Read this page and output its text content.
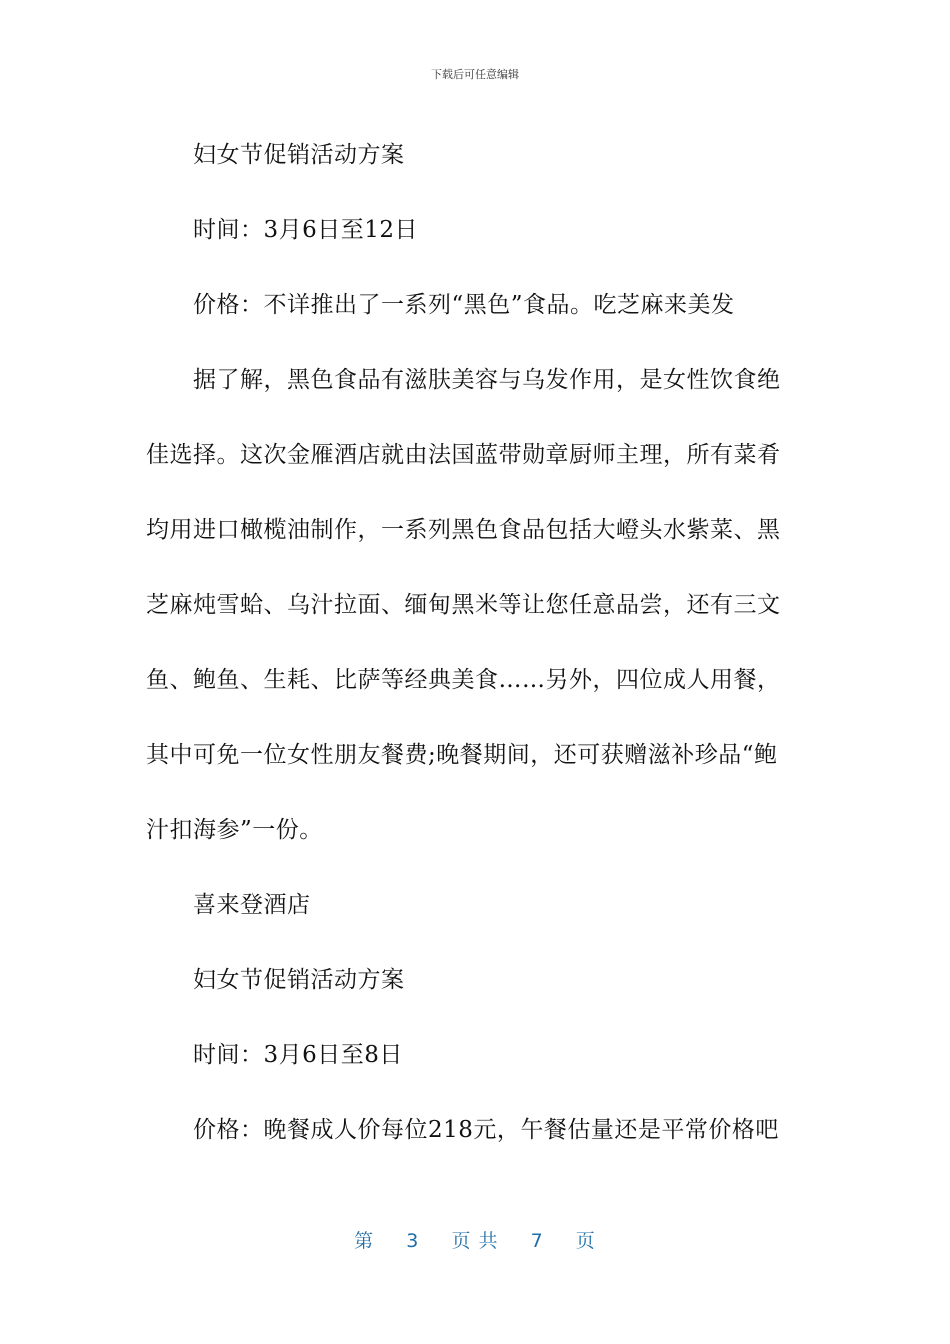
下载后可任意编辑
妇女节促销活动方案
时间：3月6日至12日
价格：不详推出了一系列“黑色”食品。吃芝麻来美发
据了解，黑色食品有滋肤美容与乌发作用，是女性饮食绝
佳选择。这次金雁酒店就由法国蓝带勋章厨师主理，所有菜肴
均用进口橄榄油制作，一系列黑色食品包括大嶝头水紫菜、黑
芝麻炖雪蛤、乌汁拉面、缅甸黑米等让您任意品尝，还有三文
鱼、鲍鱼、生耗、比萨等经典美食……另外，四位成人用餐，
其中可免一位女性朋友餐费;晚餐期间，还可获赠滋补珍品“鲍
汁扣海参”一份。
喜来登酒店
妇女节促销活动方案
时间：3月6日至8日
价格：晚餐成人价每位218元，午餐估量还是平常价格吧
第 3 页 共 7 页
